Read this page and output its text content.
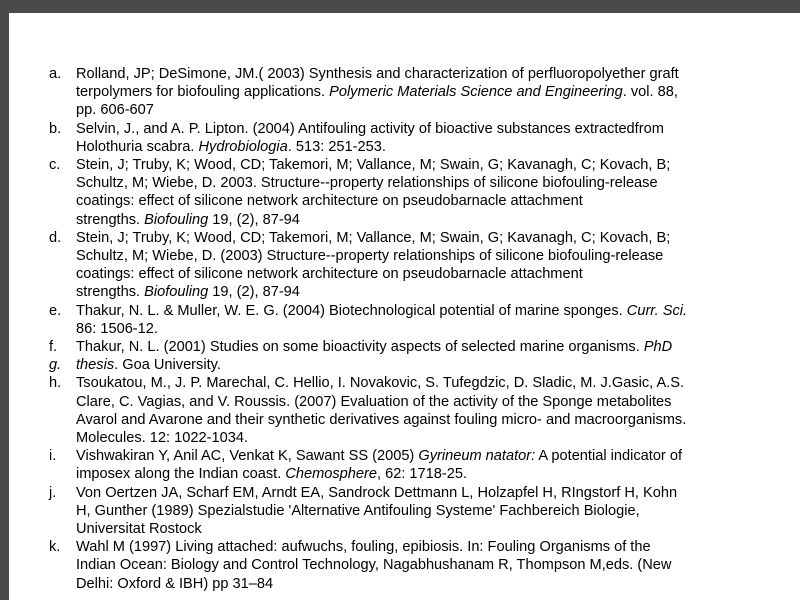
a.	Rolland, JP; DeSimone, JM.( 2003) Synthesis and characterization of perfluoropolyether graft
terpolymers for biofouling applications. Polymeric Materials Science and Engineering. vol. 88,
pp. 606-607
b.	Selvin, J., and A. P. Lipton. (2004) Antifouling activity of bioactive substances extractedfrom
Holothuria scabra. Hydrobiologia. 513: 251-253.
c.	Stein, J; Truby, K; Wood, CD; Takemori, M; Vallance, M; Swain, G; Kavanagh, C; Kovach, B;
Schultz, M; Wiebe, D. 2003. Structure--property relationships of silicone biofouling-release
coatings: effect of silicone network architecture on pseudobarnacle attachment
strengths. Biofouling 19, (2), 87-94
d.	Stein, J; Truby, K; Wood, CD; Takemori, M; Vallance, M; Swain, G; Kavanagh, C; Kovach, B;
Schultz, M; Wiebe, D. (2003) Structure--property relationships of silicone biofouling-release
coatings: effect of silicone network architecture on pseudobarnacle attachment
strengths. Biofouling 19, (2), 87-94
e.	Thakur, N. L. & Muller, W. E. G. (2004) Biotechnological potential of marine sponges. Curr. Sci.
86: 1506-12.
f.	Thakur, N. L. (2001) Studies on some bioactivity aspects of selected marine organisms. PhD
g.	thesis. Goa University.
h.	Tsoukatou, M., J. P. Marechal, C. Hellio, I. Novakovic, S. Tufegdzic, D. Sladic, M. J.Gasic, A.S.
Clare, C. Vagias, and V. Roussis. (2007) Evaluation of the activity of the Sponge metabolites
Avarol and Avarone and their synthetic derivatives against fouling micro- and macroorganisms.
Molecules. 12: 1022-1034.
i.	Vishwakiran Y, Anil AC, Venkat K, Sawant SS (2005) Gyrineum natator: A potential indicator of
imposex along the Indian coast. Chemosphere, 62: 1718-25.
j.	Von Oertzen JA, Scharf EM, Arndt EA, Sandrock Dettmann L, Holzapfel H, RIngstorf H, Kohn
H, Gunther (1989) Spezialstudie 'Alternative Antifouling Systeme' Fachbereich Biologie,
Universitat Rostock
k.	Wahl M (1997) Living attached: aufwuchs, fouling, epibiosis. In: Fouling Organisms of the
Indian Ocean: Biology and Control Technology, Nagabhushanam R, Thompson M,eds. (New
Delhi: Oxford & IBH) pp 31–84
